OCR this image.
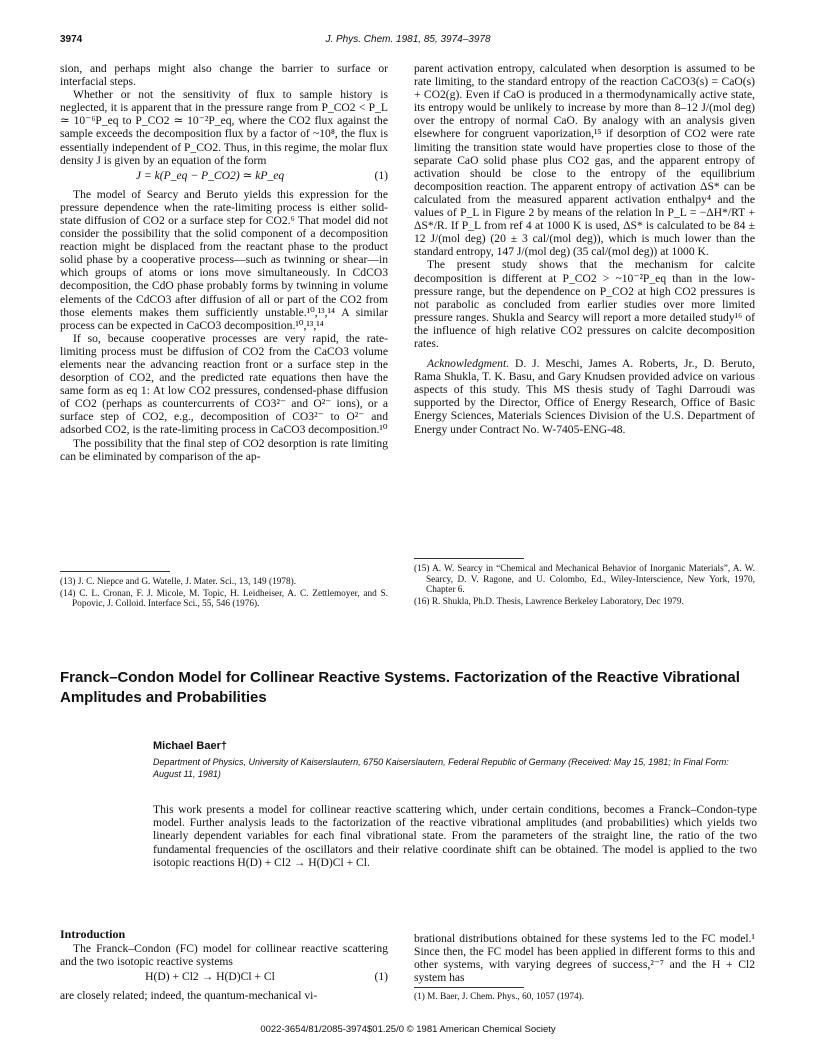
3974	J. Phys. Chem. 1981, 85, 3974–3978

sion, and perhaps might also change the barrier to surface or interfacial steps.

Whether or not the sensitivity of flux to sample history is neglected, it is apparent that in the pressure range from P_CO2 < P_L ≃ 10⁻⁶P_eq to P_CO2 ≃ 10⁻²P_eq, where the CO2 flux against the sample exceeds the decomposition flux by a factor of ~10⁸, the flux is essentially independent of P_CO2. Thus, in this regime, the molar flux density J is given by an equation of the form

J = k(P_eq − P_CO2) ≃ kP_eq	(1)

The model of Searcy and Beruto yields this expression for the pressure dependence when the rate-limiting process is either solid-state diffusion of CO2 or a surface step for CO2.⁶ That model did not consider the possibility that the solid component of a decomposition reaction might be displaced from the reactant phase to the product solid phase by a cooperative process—such as twinning or shear—in which groups of atoms or ions move simultaneously. In CdCO3 decomposition, the CdO phase probably forms by twinning in volume elements of the CdCO3 after diffusion of all or part of the CO2 from those elements makes them sufficiently unstable.¹⁰,¹³,¹⁴ A similar process can be expected in CaCO3 decomposition.¹⁰,¹³,¹⁴

If so, because cooperative processes are very rapid, the rate-limiting process must be diffusion of CO2 from the CaCO3 volume elements near the advancing reaction front or a surface step in the desorption of CO2, and the predicted rate equations then have the same form as eq 1: At low CO2 pressures, condensed-phase diffusion of CO2 (perhaps as countercurrents of CO3²⁻ and O²⁻ ions), or a surface step of CO2, e.g., decomposition of CO3²⁻ to O²⁻ and adsorbed CO2, is the rate-limiting process in CaCO3 decomposition.¹⁰

The possibility that the final step of CO2 desorption is rate limiting can be eliminated by comparison of the ap-

(13) J. C. Niepce and G. Watelle, J. Mater. Sci., 13, 149 (1978).

(14) C. L. Cronan, F. J. Micole, M. Topic, H. Leidheiser, A. C. Zettlemoyer, and S. Popovic, J. Colloid. Interface Sci., 55, 546 (1976).

parent activation entropy, calculated when desorption is assumed to be rate limiting, to the standard entropy of the reaction CaCO3(s) = CaO(s) + CO2(g). Even if CaO is produced in a thermodynamically active state, its entropy would be unlikely to increase by more than 8–12 J/(mol deg) over the entropy of normal CaO. By analogy with an analysis given elsewhere for congruent vaporization,¹⁵ if desorption of CO2 were rate limiting the transition state would have properties close to those of the separate CaO solid phase plus CO2 gas, and the apparent entropy of activation should be close to the entropy of the equilibrium decomposition reaction. The apparent entropy of activation ΔS* can be calculated from the measured apparent activation enthalpy⁴ and the values of P_L in Figure 2 by means of the relation ln P_L = −ΔH*/RT + ΔS*/R. If P_L from ref 4 at 1000 K is used, ΔS* is calculated to be 84 ± 12 J/(mol deg) (20 ± 3 cal/(mol deg)), which is much lower than the standard entropy, 147 J/(mol deg) (35 cal/(mol deg)) at 1000 K.

The present study shows that the mechanism for calcite decomposition is different at P_CO2 > ~10⁻²P_eq than in the low-pressure range, but the dependence on P_CO2 at high CO2 pressures is not parabolic as concluded from earlier studies over more limited pressure ranges. Shukla and Searcy will report a more detailed study¹⁶ of the influence of high relative CO2 pressures on calcite decomposition rates.

Acknowledgment. D. J. Meschi, James A. Roberts, Jr., D. Beruto, Rama Shukla, T. K. Basu, and Gary Knudsen provided advice on various aspects of this study. This MS thesis study of Taghi Darroudi was supported by the Director, Office of Energy Research, Office of Basic Energy Sciences, Materials Sciences Division of the U.S. Department of Energy under Contract No. W-7405-ENG-48.

(15) A. W. Searcy in “Chemical and Mechanical Behavior of Inorganic Materials”, A. W. Searcy, D. V. Ragone, and U. Colombo, Ed., Wiley-Interscience, New York, 1970, Chapter 6.

(16) R. Shukla, Ph.D. Thesis, Lawrence Berkeley Laboratory, Dec 1979.

Franck–Condon Model for Collinear Reactive Systems. Factorization of the Reactive Vibrational Amplitudes and Probabilities
Michael Baer†
Department of Physics, University of Kaiserslautern, 6750 Kaiserslautern, Federal Republic of Germany (Received: May 15, 1981; In Final Form: August 11, 1981)
This work presents a model for collinear reactive scattering which, under certain conditions, becomes a Franck–Condon-type model. Further analysis leads to the factorization of the reactive vibrational amplitudes (and probabilities) which yields two linearly dependent variables for each final vibrational state. From the parameters of the straight line, the ratio of the two fundamental frequencies of the oscillators and their relative coordinate shift can be obtained. The model is applied to the two isotopic reactions H(D) + Cl2 → H(D)Cl + Cl.
Introduction

The Franck–Condon (FC) model for collinear reactive scattering and the two isotopic reactive systems

H(D) + Cl2 → H(D)Cl + Cl	(1)

are closely related; indeed, the quantum-mechanical vi-

brational distributions obtained for these systems led to the FC model.¹ Since then, the FC model has been applied in different forms to this and other systems, with varying degrees of success,²⁻⁷ and the H + Cl2 system has

(1) M. Baer, J. Chem. Phys., 60, 1057 (1974).

0022-3654/81/2085-3974$01.25/0 © 1981 American Chemical Society
